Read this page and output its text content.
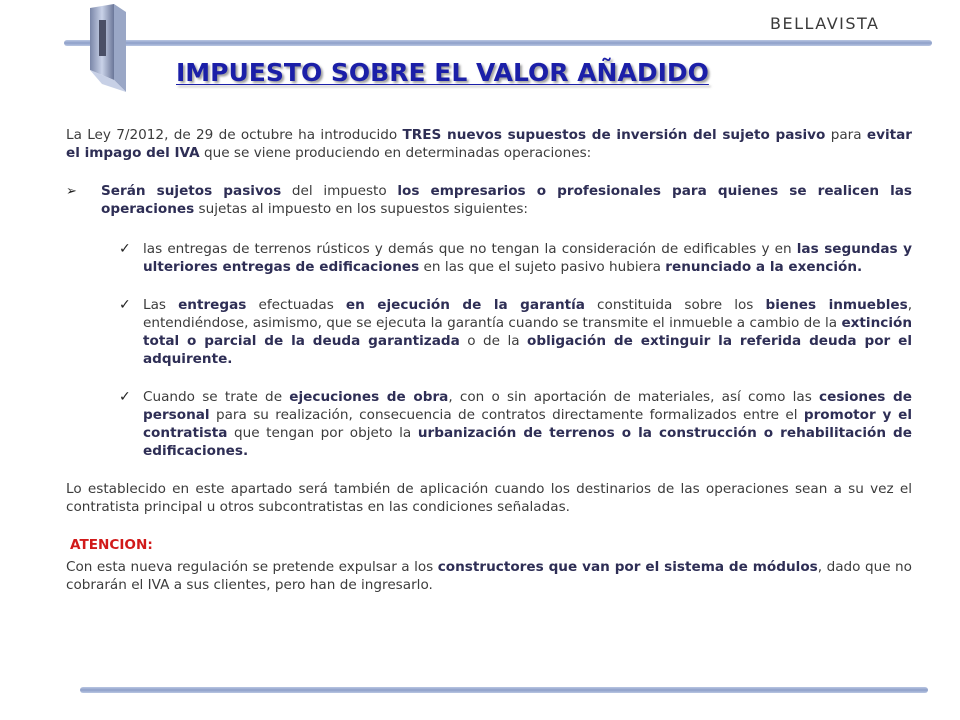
BELLAVISTA
IMPUESTO SOBRE EL VALOR AÑADIDO

La Ley 7/2012, de 29 de octubre ha introducido TRES nuevos supuestos de inversión del sujeto pasivo para evitar el impago del IVA que se viene produciendo en determinadas operaciones:

➢ Serán sujetos pasivos del impuesto los empresarios o profesionales para quienes se realicen las operaciones sujetas al impuesto en los supuestos siguientes:
✓ las entregas de terrenos rústicos y demás que no tengan la consideración de edificables y en las segundas y ulteriores entregas de edificaciones en las que el sujeto pasivo hubiera renunciado a la exención.
✓ Las entregas efectuadas en ejecución de la garantía constituida sobre los bienes inmuebles, entendiéndose, asimismo, que se ejecuta la garantía cuando se transmite el inmueble a cambio de la extinción total o parcial de la deuda garantizada o de la obligación de extinguir la referida deuda por el adquirente.
✓ Cuando se trate de ejecuciones de obra, con o sin aportación de materiales, así como las cesiones de personal para su realización, consecuencia de contratos directamente formalizados entre el promotor y el contratista que tengan por objeto la urbanización de terrenos o la construcción o rehabilitación de edificaciones.

Lo establecido en este apartado será también de aplicación cuando los destinarios de las operaciones sean a su vez el contratista principal u otros subcontratistas en las condiciones señaladas.

ATENCION:

Con esta nueva regulación se pretende expulsar a los constructores que van por el sistema de módulos, dado que no cobrarán el IVA a sus clientes, pero han de ingresarlo.
